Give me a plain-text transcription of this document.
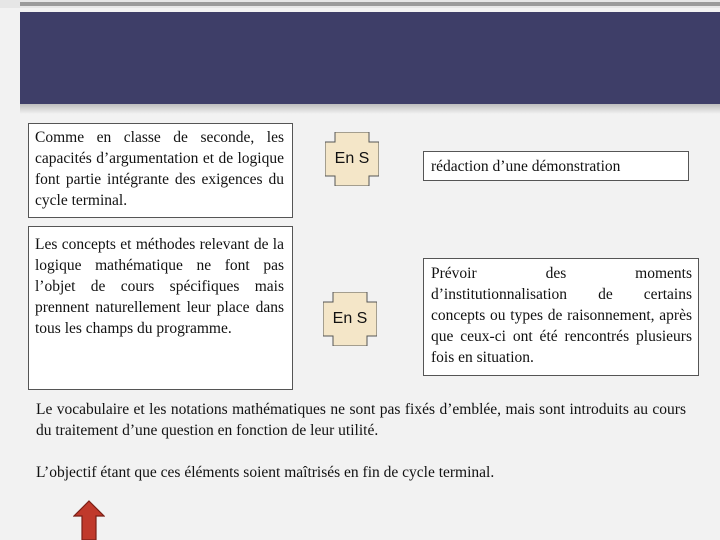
Comme en classe de seconde, les capacités d’argumentation et de logique font partie intégrante des exigences du cycle terminal.
Les concepts et méthodes relevant de la logique mathématique ne font pas l’objet de cours spécifiques mais prennent naturellement leur place dans tous les champs du programme.
En S
En S
rédaction d’une démonstration
Prévoir des moments d’institutionnalisation de certains concepts ou types de raisonnement, après que ceux-ci ont été rencontrés plusieurs fois en situation.
Le vocabulaire et les notations mathématiques ne sont pas fixés d’emblée, mais sont introduits au cours du traitement d’une question en fonction de leur utilité.
L’objectif étant que ces éléments soient maîtrisés en fin de cycle terminal.
